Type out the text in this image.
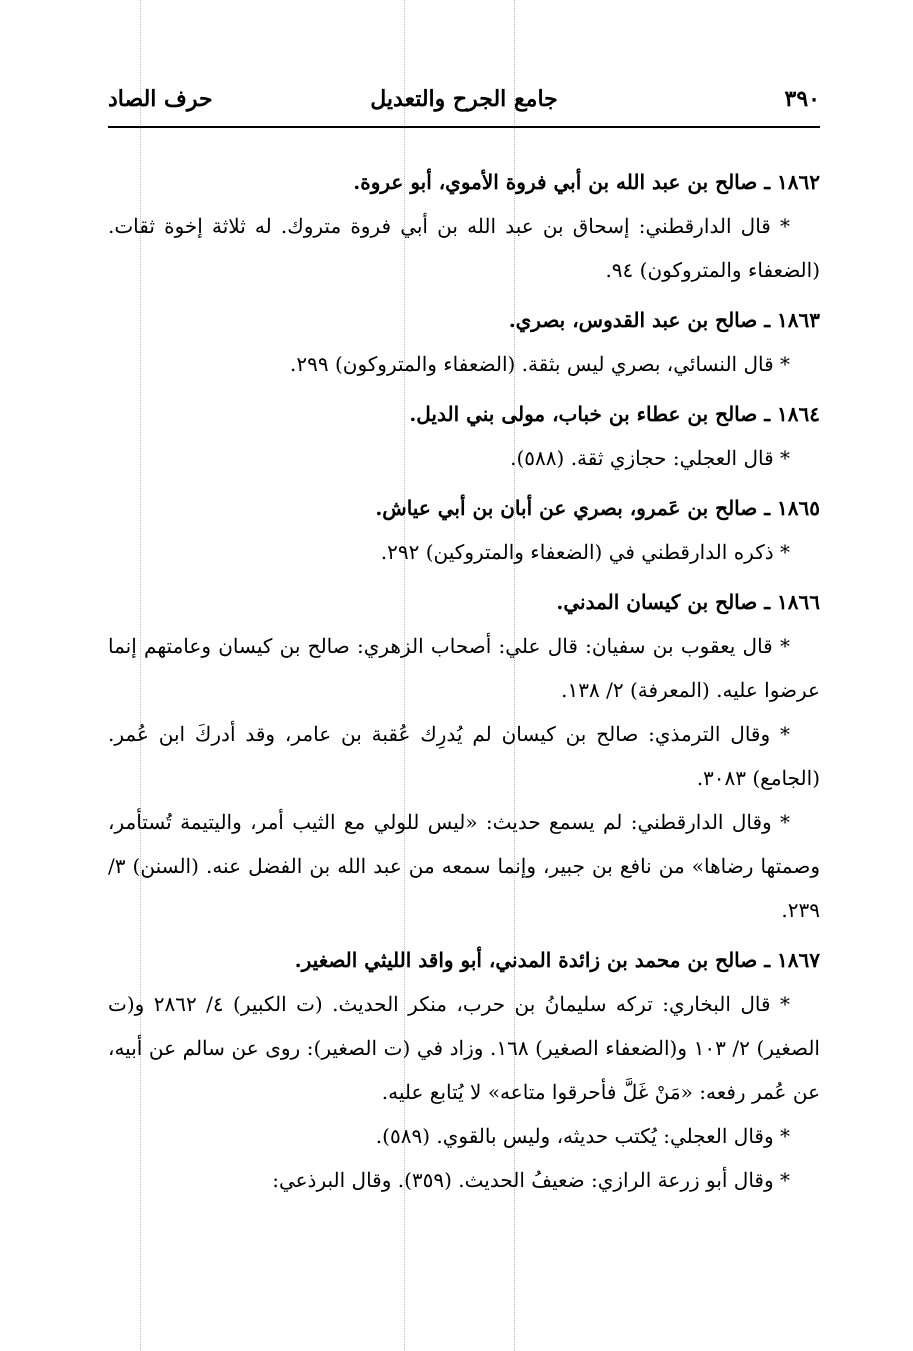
٣٩٠
جامع الجرح والتعديل
حرف الصاد
١٨٦٢ ـ صالح بن عبد الله بن أبي فروة الأموي، أبو عروة.
* قال الدارقطني: إسحاق بن عبد الله بن أبي فروة متروك. له ثلاثة إخوة ثقات. (الضعفاء والمتروكون) ٩٤.
١٨٦٣ ـ صالح بن عبد القدوس، بصري.
* قال النسائي، بصري ليس بثقة. (الضعفاء والمتروكون) ٢٩٩.
١٨٦٤ ـ صالح بن عطاء بن خباب، مولى بني الديل.
* قال العجلي: حجازي ثقة. (٥٨٨).
١٨٦٥ ـ صالح بن عَمرو، بصري عن أبان بن أبي عياش.
* ذكره الدارقطني في (الضعفاء والمتروكين) ٢٩٢.
١٨٦٦ ـ صالح بن كيسان المدني.
* قال يعقوب بن سفيان: قال علي: أصحاب الزهري: صالح بن كيسان وعامتهم إنما عرضوا عليه. (المعرفة) ٢/ ١٣٨.
* وقال الترمذي: صالح بن كيسان لم يُدرِك عُقبة بن عامر، وقد أدركَ ابن عُمر. (الجامع) ٣٠٨٣.
* وقال الدارقطني: لم يسمع حديث: «ليس للولي مع الثيب أمر، واليتيمة تُستأمر، وصمتها رضاها» من نافع بن جبير، وإنما سمعه من عبد الله بن الفضل عنه. (السنن) ٣/ ٢٣٩.
١٨٦٧ ـ صالح بن محمد بن زائدة المدني، أبو واقد الليثي الصغير.
* قال البخاري: تركه سليمانُ بن حرب، منكر الحديث. (ت الكبير) ٤/ ٢٨٦٢ و(ت الصغير) ٢/ ١٠٣ و(الضعفاء الصغير) ١٦٨. وزاد في (ت الصغير): روى عن سالم عن أبيه، عن عُمر رفعه: «مَنْ غَلَّ فأحرقوا متاعه» لا يُتابع عليه.
* وقال العجلي: يُكتب حديثه، وليس بالقوي. (٥٨٩).
* وقال أبو زرعة الرازي: ضعيفُ الحديث. (٣٥٩). وقال البرذعي:
